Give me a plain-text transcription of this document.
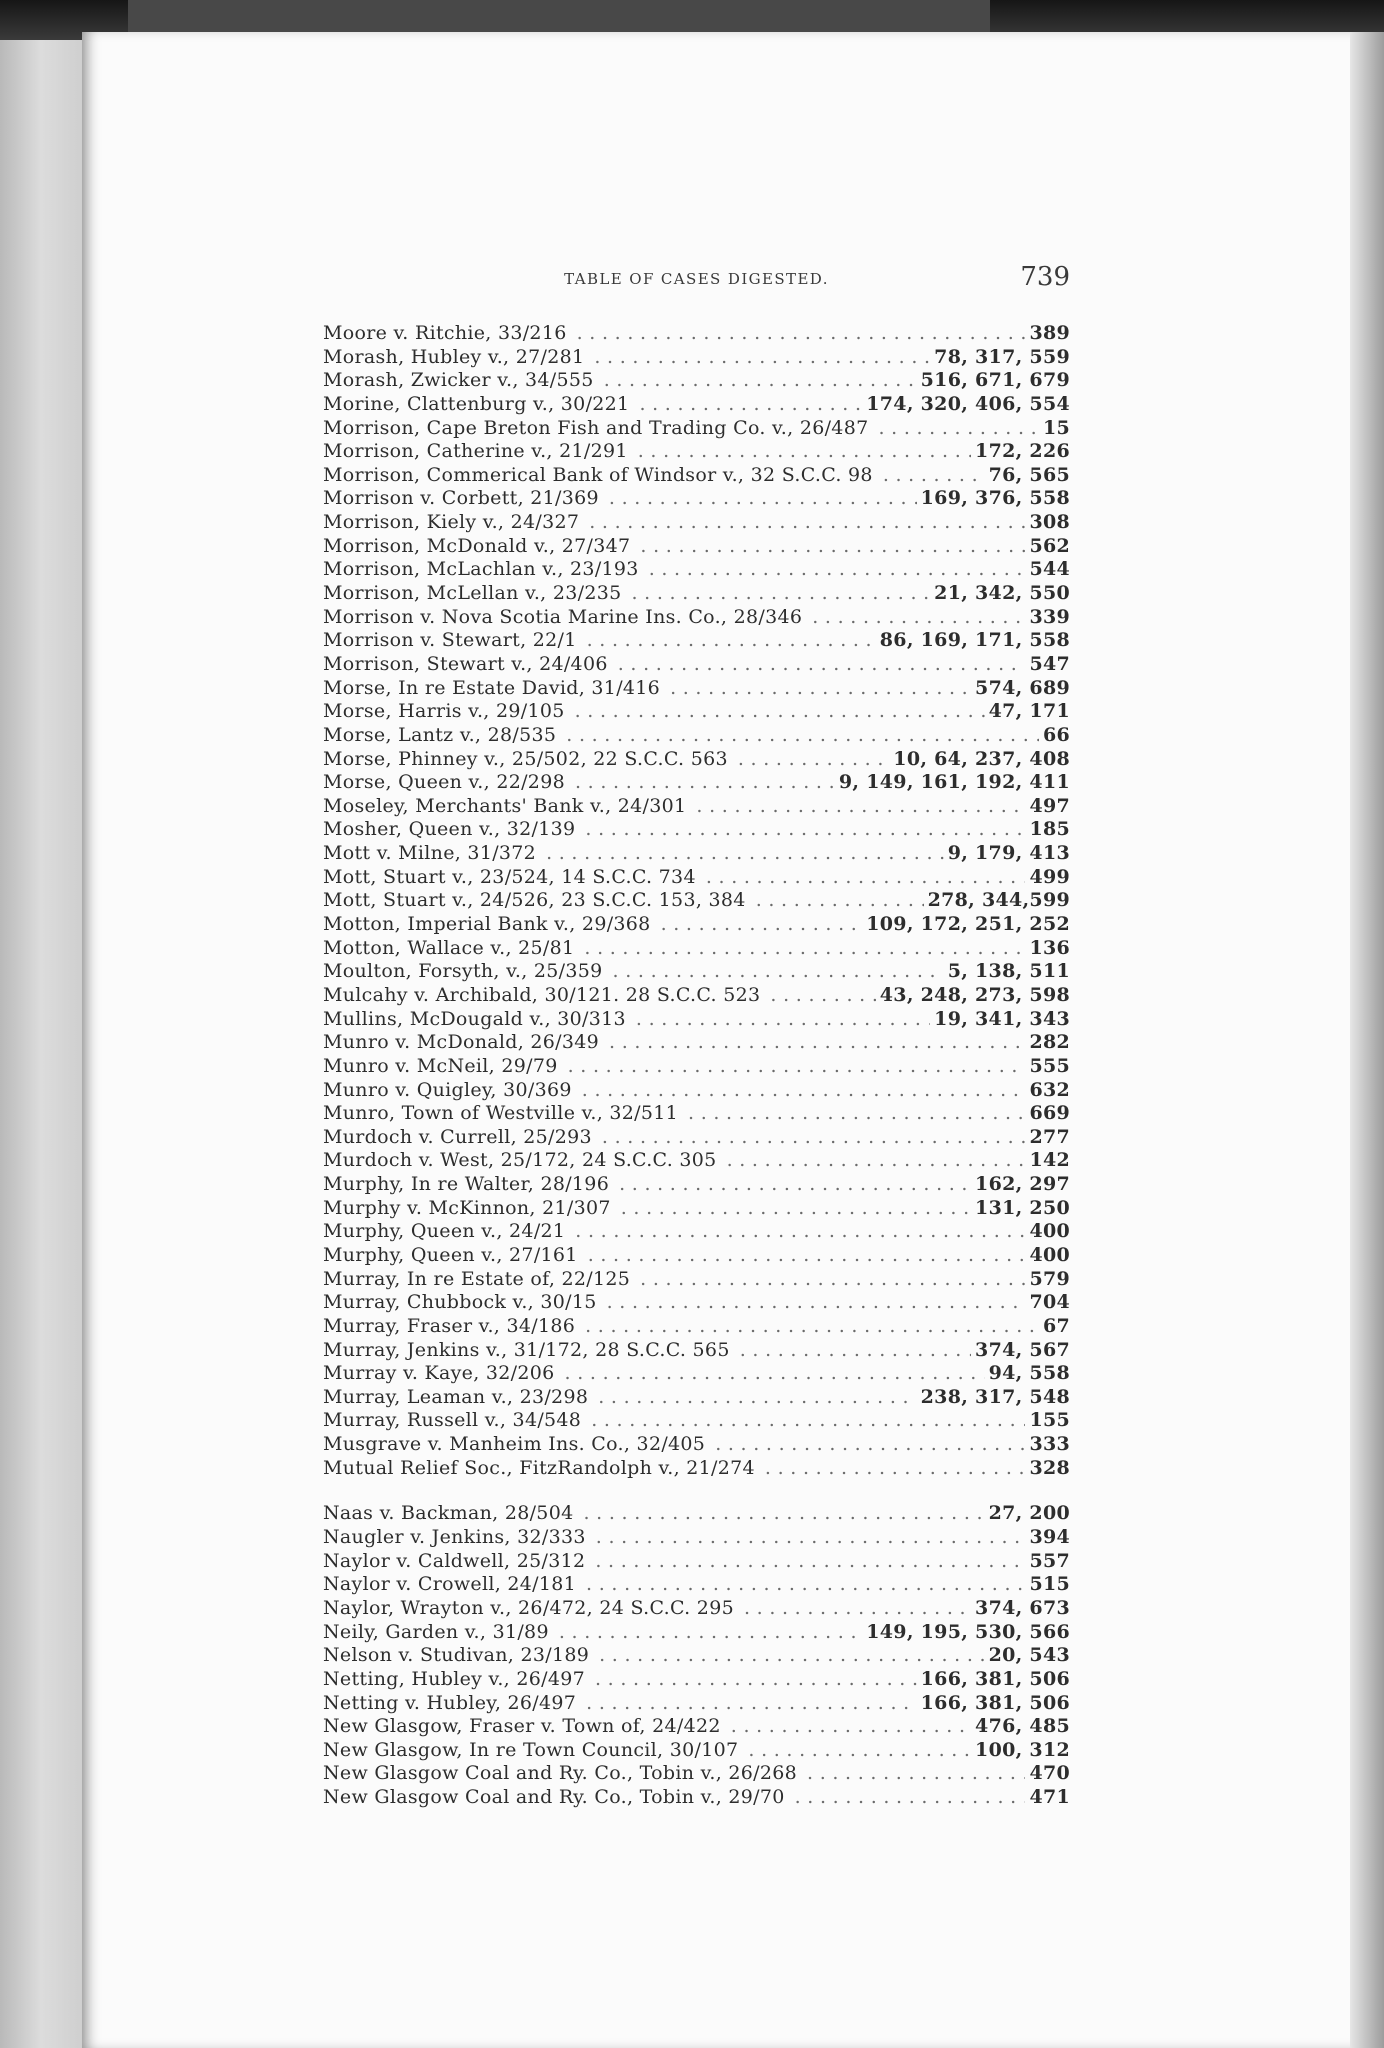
TABLE OF CASES DIGESTED.	739
Moore v. Ritchie, 33/216 . . .	389
Morash, Hubley v., 27/281 . . .	78, 317, 559
Morash, Zwicker v., 34/555 . . .	516, 671, 679
Morine, Clattenburg v., 30/221 . . .	174, 320, 406, 554
Morrison, Cape Breton Fish and Trading Co. v., 26/487 . . .	15
Morrison, Catherine v., 21/291 . . .	172, 226
Morrison, Commerical Bank of Windsor v., 32 S.C.C. 98 . . .	76, 565
Morrison v. Corbett, 21/369 . . .	169, 376, 558
Morrison, Kiely v., 24/327 . . .	308
Morrison, McDonald v., 27/347 . . .	562
Morrison, McLachlan v., 23/193 . . .	544
Morrison, McLellan v., 23/235 . . .	21, 342, 550
Morrison v. Nova Scotia Marine Ins. Co., 28/346 . . .	339
Morrison v. Stewart, 22/1 . . .	86, 169, 171, 558
Morrison, Stewart v., 24/406 . . .	547
Morse, In re Estate David, 31/416 . . .	574, 689
Morse, Harris v., 29/105 . . .	47, 171
Morse, Lantz v., 28/535 . . .	66
Morse, Phinney v., 25/502, 22 S.C.C. 563 . . .	10, 64, 237, 408
Morse, Queen v., 22/298 . . .	9, 149, 161, 192, 411
Moseley, Merchants' Bank v., 24/301 . . .	497
Mosher, Queen v., 32/139 . . .	185
Mott v. Milne, 31/372 . . .	9, 179, 413
Mott, Stuart v., 23/524, 14 S.C.C. 734 . . .	499
Mott, Stuart v., 24/526, 23 S.C.C. 153, 384 . . .	278, 344,599
Motton, Imperial Bank v., 29/368 . . .	109, 172, 251, 252
Motton, Wallace v., 25/81 . . .	136
Moulton, Forsyth, v., 25/359 . . .	5, 138, 511
Mulcahy v. Archibald, 30/121. 28 S.C.C. 523 . . .	43, 248, 273, 598
Mullins, McDougald v., 30/313 . . .	19, 341, 343
Munro v. McDonald, 26/349 . . .	282
Munro v. McNeil, 29/79 . . .	555
Munro v. Quigley, 30/369 . . .	632
Munro, Town of Westville v., 32/511 . . .	669
Murdoch v. Currell, 25/293 . . .	277
Murdoch v. West, 25/172, 24 S.C.C. 305 . . .	142
Murphy, In re Walter, 28/196 . . .	162, 297
Murphy v. McKinnon, 21/307 . . .	131, 250
Murphy, Queen v., 24/21 . . .	400
Murphy, Queen v., 27/161 . . .	400
Murray, In re Estate of, 22/125 . . .	579
Murray, Chubbock v., 30/15 . . .	704
Murray, Fraser v., 34/186 . . .	67
Murray, Jenkins v., 31/172, 28 S.C.C. 565 . . .	374, 567
Murray v. Kaye, 32/206 . . .	94, 558
Murray, Leaman v., 23/298 . . .	238, 317, 548
Murray, Russell v., 34/548 . . .	155
Musgrave v. Manheim Ins. Co., 32/405 . . .	333
Mutual Relief Soc., FitzRandolph v., 21/274 . . .	328
Naas v. Backman, 28/504 . . .	27, 200
Naugler v. Jenkins, 32/333 . . .	394
Naylor v. Caldwell, 25/312 . . .	557
Naylor v. Crowell, 24/181 . . .	515
Naylor, Wrayton v., 26/472, 24 S.C.C. 295 . . .	374, 673
Neily, Garden v., 31/89 . . .	149, 195, 530, 566
Nelson v. Studivan, 23/189 . . .	20, 543
Netting, Hubley v., 26/497 . . .	166, 381, 506
Netting v. Hubley, 26/497 . . .	166, 381, 506
New Glasgow, Fraser v. Town of, 24/422 . . .	476, 485
New Glasgow, In re Town Council, 30/107 . . .	100, 312
New Glasgow Coal and Ry. Co., Tobin v., 26/268 . . .	470
New Glasgow Coal and Ry. Co., Tobin v., 29/70 . . .	471
